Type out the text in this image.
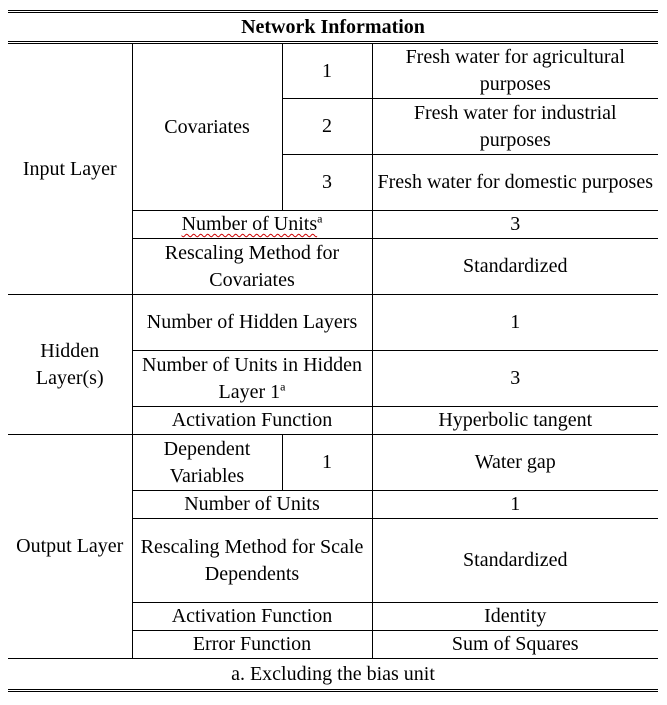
Network Information			
Input Layer	Covariates	1	Fresh water for agricultural purposes
		2	Fresh water for industrial purposes
		3	Fresh water for domestic purposes
	Number of Units$^a$		3
	Rescaling Method for Covariates		Standardized
Hidden Layer(s)	Number of Hidden Layers		1
	Number of Units in Hidden Layer 1$^a$		3
	Activation Function		Hyperbolic tangent
Output Layer	Dependent Variables	1	Water gap
	Number of Units		1
	Rescaling Method for Scale Dependents		Standardized
	Activation Function		Identity
	Error Function		Sum of Squares
a. Excluding the bias unit			
